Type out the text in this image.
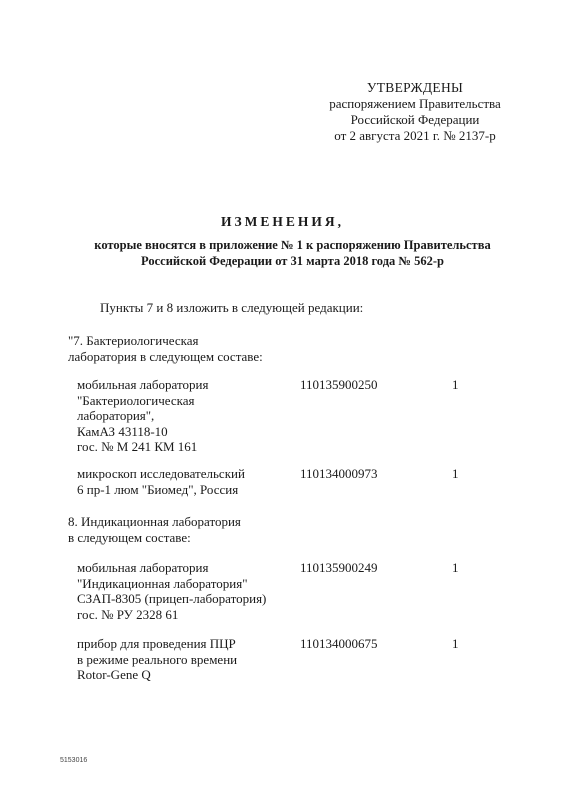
УТВЕРЖДЕНЫ
распоряжением Правительства
Российской Федерации
от 2 августа 2021 г. № 2137-р
ИЗМЕНЕНИЯ,
которые вносятся в приложение № 1 к распоряжению Правительства
Российской Федерации от 31 марта 2018 года № 562-р
Пункты 7 и 8 изложить в следующей редакции:
"7. Бактериологическая
лаборатория в следующем составе:
мобильная лаборатория
"Бактериологическая
лаборатория",
КамАЗ 43118-10
гос. № М 241 КМ 161
110135900250	1
микроскоп исследовательский
6 пр-1 люм "Биомед", Россия
110134000973	1
8. Индикационная лаборатория
в следующем составе:
мобильная лаборатория
"Индикационная лаборатория"
СЗАП-8305 (прицеп-лаборатория)
гос. № РУ 2328 61
110135900249	1
прибор для проведения ПЦР
в режиме реального времени
Rotor-Gene Q
110134000675	1
5153016
